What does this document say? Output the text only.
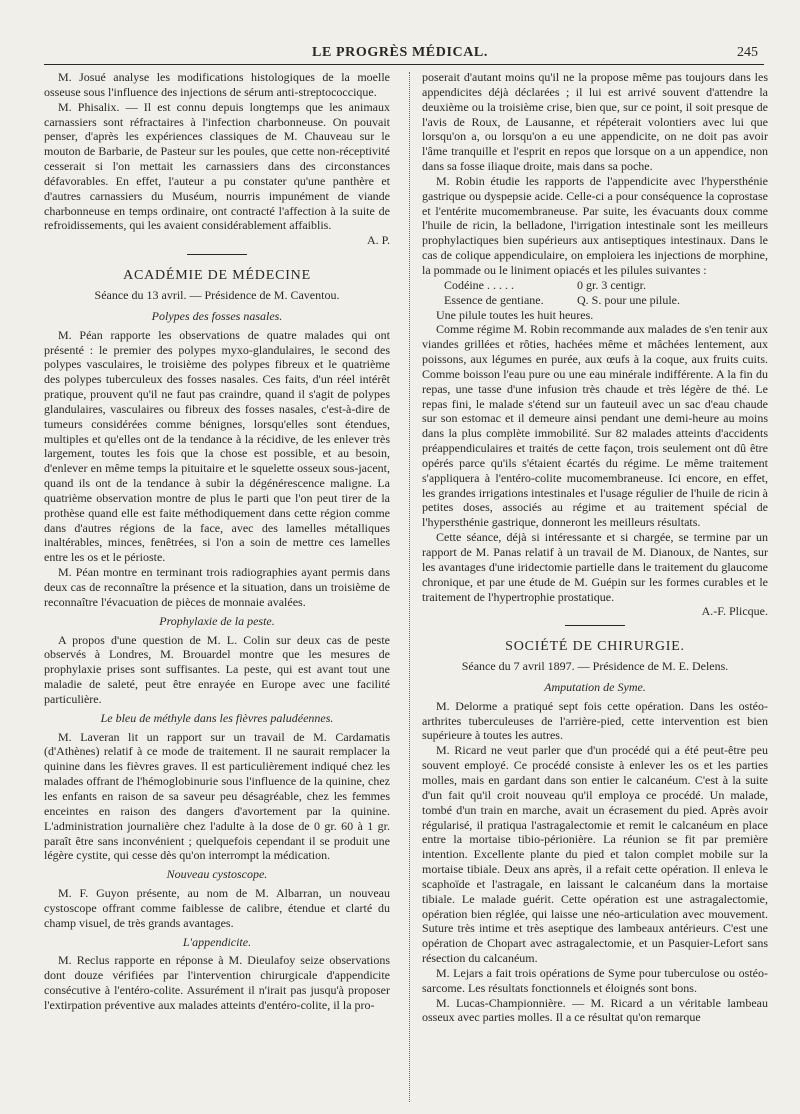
LE PROGRÈS MÉDICAL.	245

M. Josué analyse les modifications histologiques de la moelle osseuse sous l'influence des injections de sérum anti-streptococcique.

M. Phisalix. — Il est connu depuis longtemps que les animaux carnassiers sont réfractaires à l'infection charbonneuse. On pouvait penser, d'après les expériences classiques de M. Chauveau sur le mouton de Barbarie, de Pasteur sur les poules, que cette non-réceptivité cesserait si l'on mettait les carnassiers dans des circonstances défavorables. En effet, l'auteur a pu constater qu'une panthère et d'autres carnassiers du Muséum, nourris impunément de viande charbonneuse en temps ordinaire, ont contracté l'affection à la suite de refroidissements, qui les avaient considérablement affaiblis.

A. P.

ACADÉMIE DE MÉDECINE

Séance du 13 avril. — Présidence de M. Caventou.

Polypes des fosses nasales.

M. Péan rapporte les observations de quatre malades qui ont présenté : le premier des polypes myxo-glandulaires, le second des polypes vasculaires, le troisième des polypes fibreux et le quatrième des polypes tuberculeux des fosses nasales. Ces faits, d'un réel intérêt pratique, prouvent qu'il ne faut pas craindre, quand il s'agit de polypes glandulaires, vasculaires ou fibreux des fosses nasales, c'est-à-dire de tumeurs considérées comme bénignes, lorsqu'elles sont étendues, multiples et qu'elles ont de la tendance à la récidive, de les enlever très largement, toutes les fois que la chose est possible, et au besoin, d'enlever en même temps la pituitaire et le squelette osseux sous-jacent, quand ils ont de la tendance à subir la dégénérescence maligne. La quatrième observation montre de plus le parti que l'on peut tirer de la prothèse quand elle est faite méthodiquement dans cette région comme dans d'autres régions de la face, avec des lamelles métalliques inaltérables, minces, fenêtrées, si l'on a soin de mettre ces lamelles entre les os et le périoste.

M. Péan montre en terminant trois radiographies ayant permis dans deux cas de reconnaître la présence et la situation, dans un troisième de reconnaître l'évacuation de pièces de monnaie avalées.

Prophylaxie de la peste.

A propos d'une question de M. L. Colin sur deux cas de peste observés à Londres, M. Brouardel montre que les mesures de prophylaxie prises sont suffisantes. La peste, qui est avant tout une maladie de saleté, peut être enrayée en Europe avec une facilité particulière.

Le bleu de méthyle dans les fièvres paludéennes.

M. Laveran lit un rapport sur un travail de M. Cardamatis (d'Athènes) relatif à ce mode de traitement. Il ne saurait remplacer la quinine dans les fièvres graves. Il est particulièrement indiqué chez les malades offrant de l'hémoglobinurie sous l'influence de la quinine, chez les enfants en raison de sa saveur peu désagréable, chez les femmes enceintes en raison des dangers d'avortement par la quinine. L'administration journalière chez l'adulte à la dose de 0 gr. 60 à 1 gr. paraît être sans inconvénient ; quelquefois cependant il se produit une légère cystite, qui cesse dès qu'on interrompt la médication.

Nouveau cystoscope.

M. F. Guyon présente, au nom de M. Albarran, un nouveau cystoscope offrant comme faiblesse de calibre, étendue et clarté du champ visuel, de très grands avantages.

L'appendicite.

M. Reclus rapporte en réponse à M. Dieulafoy seize observations dont douze vérifiées par l'intervention chirurgicale d'appendicite consécutive à l'entéro-colite. Assurément il n'irait pas jusqu'à proposer l'extirpation préventive aux malades atteints d'entéro-colite, il la pro-

poserait d'autant moins qu'il ne la propose même pas toujours dans les appendicites déjà déclarées ; il lui est arrivé souvent d'attendre la deuxième ou la troisième crise, bien que, sur ce point, il soit presque de l'avis de Roux, de Lausanne, et répéterait volontiers avec lui que lorsqu'on a, ou lorsqu'on a eu une appendicite, on ne doit pas avoir l'âme tranquille et l'esprit en repos que lorsque on a un appendice, non dans sa fosse iliaque droite, mais dans sa poche.

M. Robin étudie les rapports de l'appendicite avec l'hypersthénie gastrique ou dyspepsie acide. Celle-ci a pour conséquence la coprostase et l'entérite mucomembraneuse. Par suite, les évacuants doux comme l'huile de ricin, la belladone, l'irrigation intestinale sont les meilleurs prophylactiques bien supérieurs aux antiseptiques intestinaux. Dans le cas de colique appendiculaire, on emploiera les injections de morphine, la pommade ou le liniment opiacés et les pilules suivantes :

Codéine . . . . .	0 gr. 3 centigr.

Essence de gentiane.	Q. S. pour une pilule.

Une pilule toutes les huit heures.

Comme régime M. Robin recommande aux malades de s'en tenir aux viandes grillées et rôties, hachées même et mâchées lentement, aux poissons, aux légumes en purée, aux œufs à la coque, aux fruits cuits. Comme boisson l'eau pure ou une eau minérale indifférente. A la fin du repas, une tasse d'une infusion très chaude et très légère de thé. Le repas fini, le malade s'étend sur un fauteuil avec un sac d'eau chaude sur son estomac et il demeure ainsi pendant une demi-heure au moins dans la plus complète immobilité. Sur 82 malades atteints d'accidents préappendiculaires et traités de cette façon, trois seulement ont dû être opérés parce qu'ils s'étaient écartés du régime. Le même traitement s'appliquera à l'entéro-colite mucomembraneuse. Ici encore, en effet, les grandes irrigations intestinales et l'usage régulier de l'huile de ricin à petites doses, associés au régime et au traitement spécial de l'hypersthénie gastrique, donneront les meilleurs résultats.

Cette séance, déjà si intéressante et si chargée, se termine par un rapport de M. Panas relatif à un travail de M. Dianoux, de Nantes, sur les avantages d'une iridectomie partielle dans le traitement du glaucome chronique, et par une étude de M. Guépin sur les formes curables et le traitement de l'hypertrophie prostatique.

A.-F. Plicque.

SOCIÉTÉ DE CHIRURGIE.

Séance du 7 avril 1897. — Présidence de M. E. Delens.

Amputation de Syme.

M. Delorme a pratiqué sept fois cette opération. Dans les ostéo-arthrites tuberculeuses de l'arrière-pied, cette intervention est bien supérieure à toutes les autres.

M. Ricard ne veut parler que d'un procédé qui a été peut-être peu souvent employé. Ce procédé consiste à enlever les os et les parties molles, mais en gardant dans son entier le calcanéum. C'est à la suite d'un fait qu'il croit nouveau qu'il employa ce procédé. Un malade, tombé d'un train en marche, avait un écrasement du pied. Après avoir régularisé, il pratiqua l'astragalectomie et remit le calcanéum en place entre la mortaise tibio-périonière. La réunion se fit par première intention. Excellente plante du pied et talon complet mobile sur la mortaise tibiale. Deux ans après, il a refait cette opération. Il enleva le scaphoïde et l'astragale, en laissant le calcanéum dans la mortaise tibiale. Le malade guérit. Cette opération est une astragalectomie, opération bien réglée, qui laisse une néo-articulation avec mouvement. Suture très intime et très aseptique des lambeaux antérieurs. C'est une opération de Chopart avec astragalectomie, et un Pasquier-Lefort sans résection du calcanéum.

M. Lejars a fait trois opérations de Syme pour tuberculose ou ostéo-sarcome. Les résultats fonctionnels et éloignés sont bons.

M. Lucas-Championnière. — M. Ricard a un véritable lambeau osseux avec parties molles. Il a ce résultat qu'on remarque
